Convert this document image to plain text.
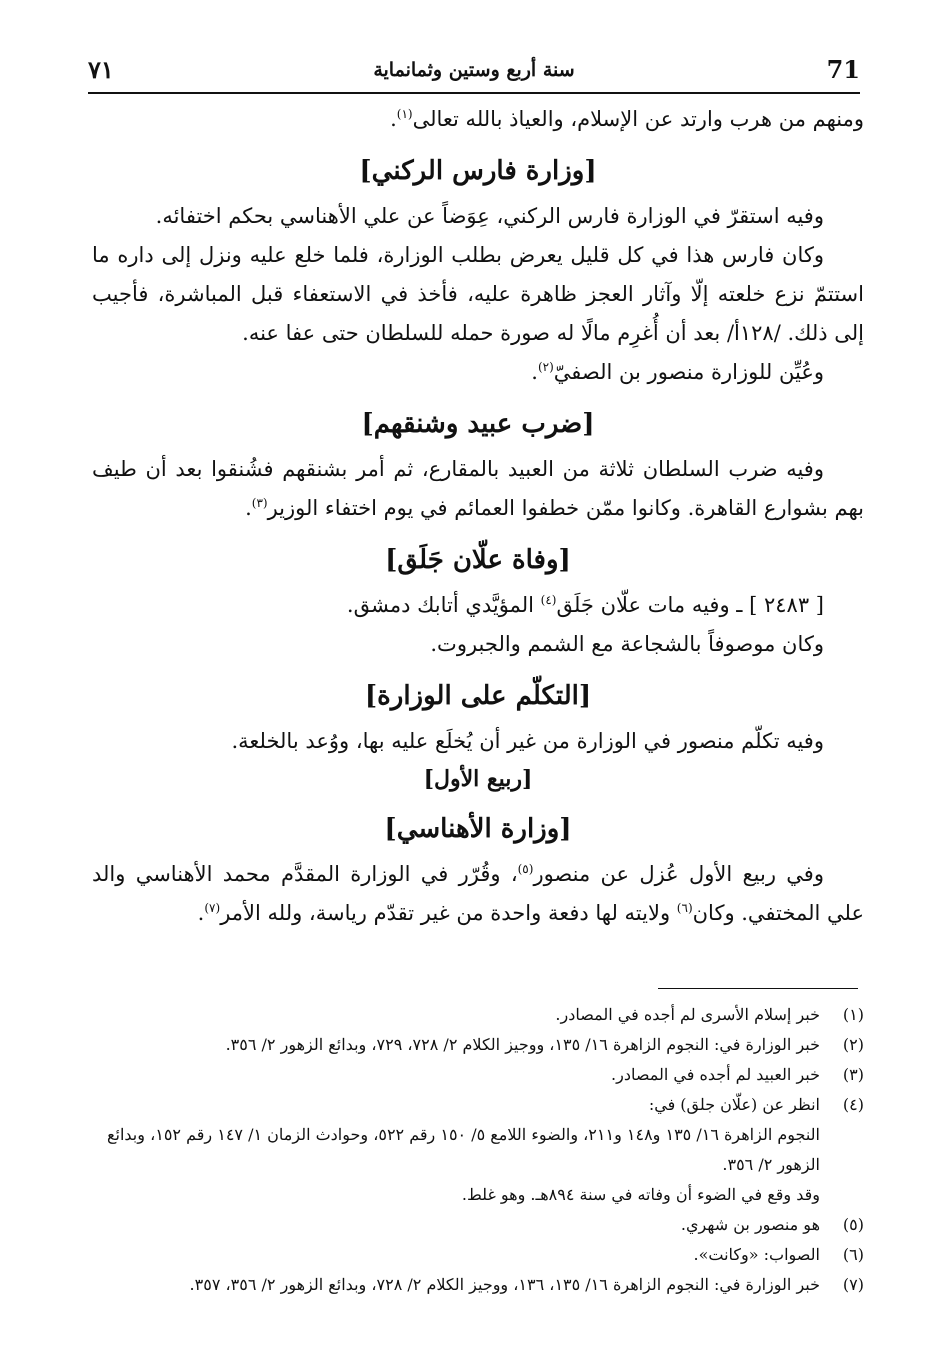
٧١	سنة أربع وستين وثمانماية	71

ومنهم من هرب وارتد عن الإسلام، والعياذ بالله تعالى$^{(١)}$.

[وزارة فارس الركني]

وفيه استقرّ في الوزارة فارس الركني، عِوَضاً عن علي الأهناسي بحكم اختفائه.

وكان فارس هذا في كل قليل يعرض بطلب الوزارة، فلما خلع عليه ونزل إلى داره ما استتمّ نزع خلعته إلّا وآثار العجز ظاهرة عليه، فأخذ في الاستعفاء قبل المباشرة، فأجيب إلى ذلك. /١٢٨أ/ بعد أن أُغرِم مالًا له صورة حمله للسلطان حتى عفا عنه.

وعُيِّن للوزارة منصور بن الصفيّ$^{(٢)}$.

[ضرب عبيد وشنقهم]

وفيه ضرب السلطان ثلاثة من العبيد بالمقارع، ثم أمر بشنقهم فشُنقوا بعد أن طيف بهم بشوارع القاهرة. وكانوا ممّن خطفوا العمائم في يوم اختفاء الوزير$^{(٣)}$.

[وفاة علّان جَلَق]

[ ٢٤٨٣ ] ـ وفيه مات علّان جَلَق$^{(٤)}$ المؤيَّدي أتابك دمشق.

وكان موصوفاً بالشجاعة مع الشمم والجبروت.

[التكلّم على الوزارة]

وفيه تكلّم منصور في الوزارة من غير أن يُخلَع عليه بها، ووُعد بالخلعة.

[ربيع الأول]
[وزارة الأهناسي]

وفي ربيع الأول عُزل عن منصور$^{(٥)}$، وقُرّر في الوزارة المقدَّم محمد الأهناسي والد علي المختفي. وكان$^{(٦)}$ ولايته لها دفعة واحدة من غير تقدّم رياسة، ولله الأمر$^{(٧)}$.

(١)
خبر إسلام الأسرى لم أجده في المصادر.
(٢)
خبر الوزارة في: النجوم الزاهرة ١٦/ ١٣٥، ووجيز الكلام ٢/ ٧٢٨، ٧٢٩، وبدائع الزهور ٢/ ٣٥٦.
(٣)
خبر العبيد لم أجده في المصادر.
(٤)
انظر عن (علّان جلق) في:
النجوم الزاهرة ١٦/ ١٣٥ و١٤٨ و٢١١، والضوء اللامع ٥/ ١٥٠ رقم ٥٢٢، وحوادث الزمان ١/ ١٤٧ رقم ١٥٢، وبدائع الزهور ٢/ ٣٥٦.
وقد وقع في الضوء أن وفاته في سنة ٨٩٤هـ. وهو غلط.
(٥)
هو منصور بن شهري.
(٦)
الصواب: «وكانت».
(٧)
خبر الوزارة في: النجوم الزاهرة ١٦/ ١٣٥، ١٣٦، ووجيز الكلام ٢/ ٧٢٨، وبدائع الزهور ٢/ ٣٥٦، ٣٥٧.
